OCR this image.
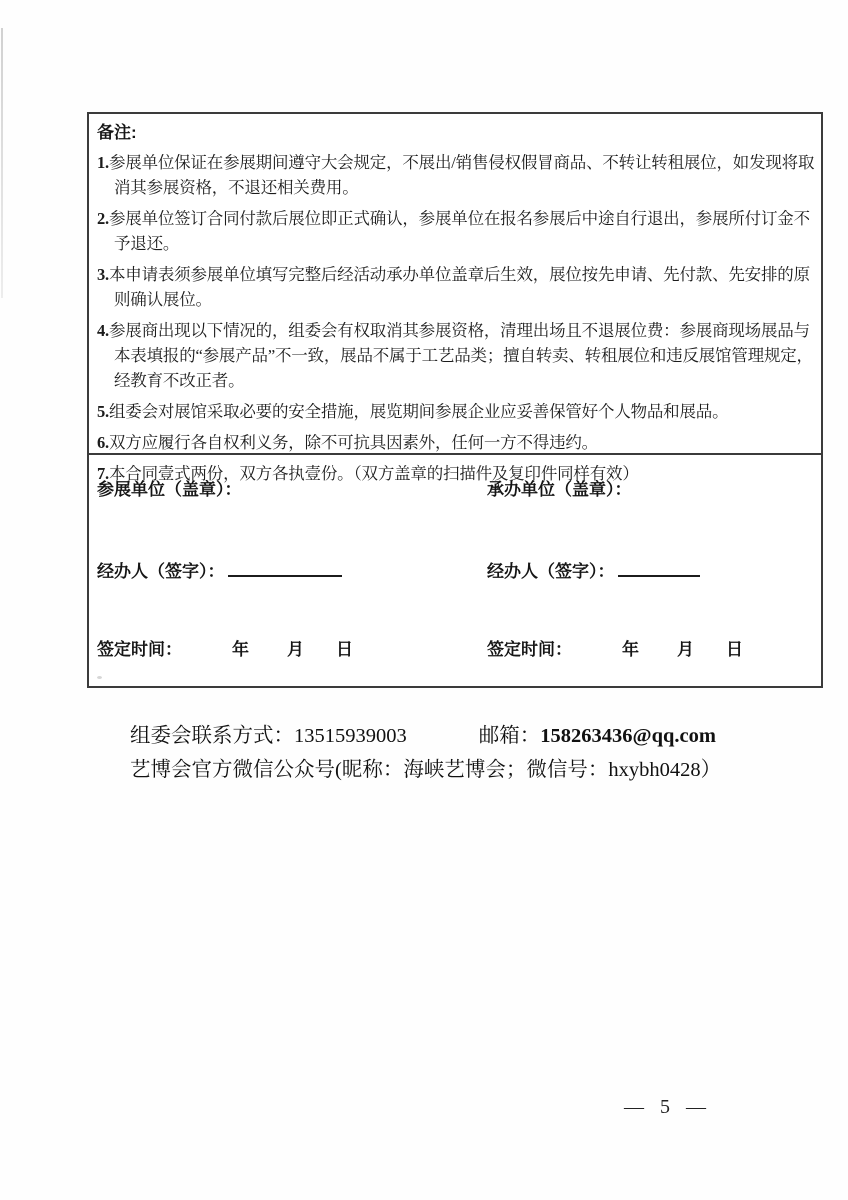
备注:
1.参展单位保证在参展期间遵守大会规定，不展出/销售侵权假冒商品、不转让转租展位，如发现将取消其参展资格，不退还相关费用。
2.参展单位签订合同付款后展位即正式确认，参展单位在报名参展后中途自行退出，参展所付订金不予退还。
3.本申请表须参展单位填写完整后经活动承办单位盖章后生效，展位按先申请、先付款、先安排的原则确认展位。
4.参展商出现以下情况的，组委会有权取消其参展资格，清理出场且不退展位费：参展商现场展品与本表填报的“参展产品”不一致，展品不属于工艺品类；擅自转卖、转租展位和违反展馆管理规定，经教育不改正者。
5.组委会对展馆采取必要的安全措施，展览期间参展企业应妥善保管好个人物品和展品。
6.双方应履行各自权利义务，除不可抗具因素外，任何一方不得违约。
7.本合同壹式两份，双方各执壹份。（双方盖章的扫描件及复印件同样有效）
参展单位（盖章）：	承办单位（盖章）：
经办人（签字）：	经办人（签字）：
签定时间：	年 月 日	签定时间：	年 月 日
组委会联系方式： 13515939003	邮箱：158263436@qq.com
艺博会官方微信公众号(昵称：海峡艺博会；微信号：hxybh0428）
— 5 —
